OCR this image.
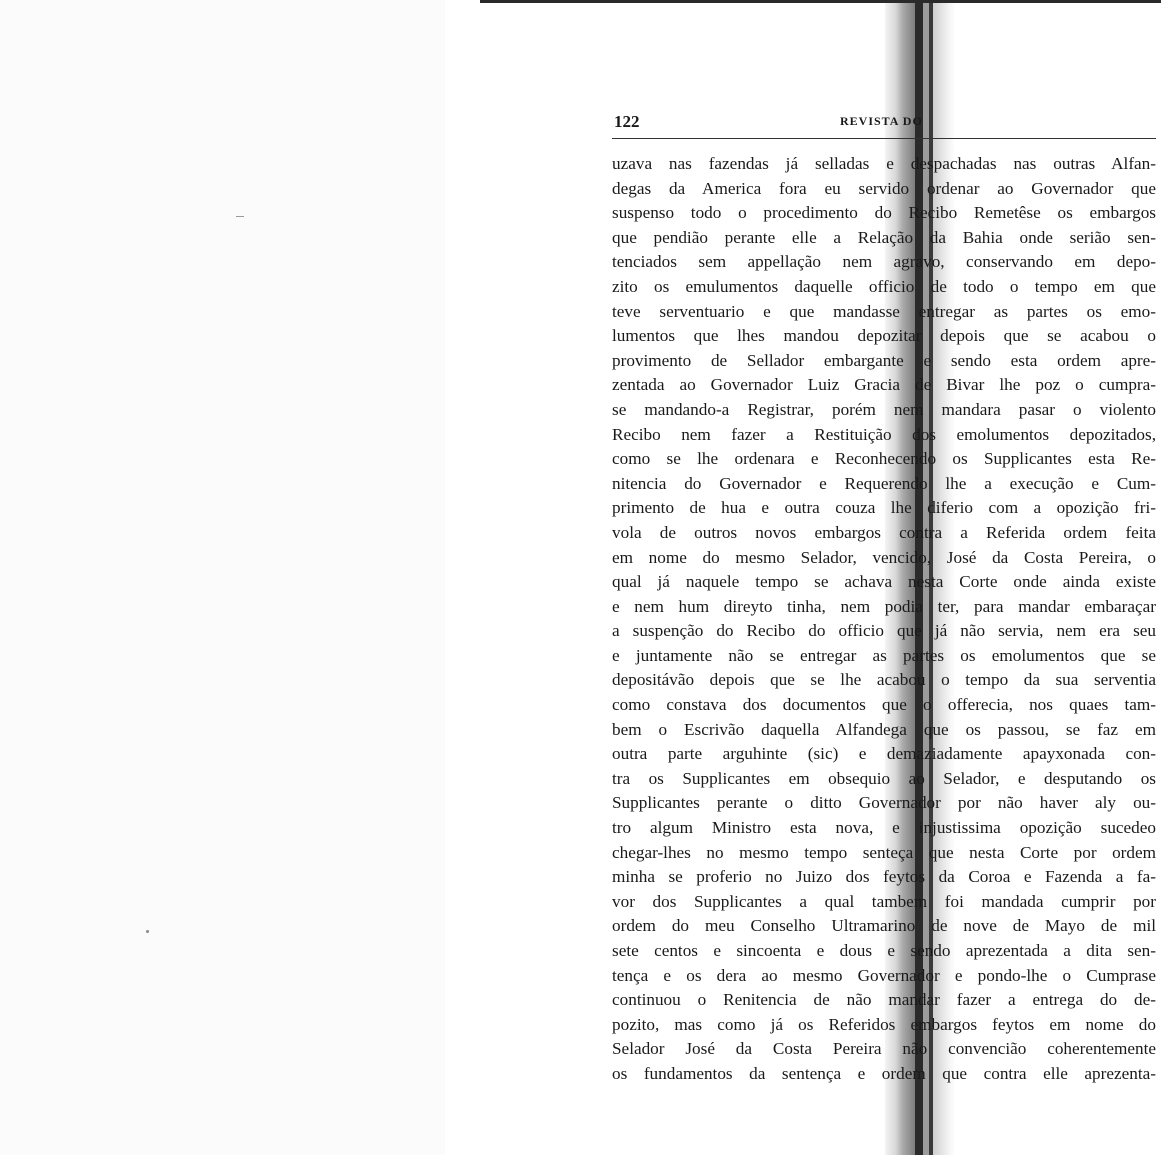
122	REVISTA DO
uzava nas fazendas já selladas e despachadas nas outras Alfan-
degas da America fora eu servido ordenar ao Governador que
suspenso todo o procedimento do Recibo Remetêse os embargos
que pendião perante elle a Relação da Bahia onde serião sen-
tenciados sem appellação nem agravo, conservando em depo-
zito os emulumentos daquelle officio de todo o tempo em que
teve serventuario e que mandasse entregar as partes os emo-
lumentos que lhes mandou depozitar depois que se acabou o
provimento de Sellador embargante e sendo esta ordem apre-
zentada ao Governador Luiz Gracia de Bivar lhe poz o cumpra-
se mandando-a Registrar, porém nem mandara pasar o violento
Recibo nem fazer a Restituição dos emolumentos depozitados,
como se lhe ordenara e Reconhecendo os Supplicantes esta Re-
nitencia do Governador e Requerendo lhe a execução e Cum-
primento de hua e outra couza lhe diferio com a opozição fri-
vola de outros novos embargos contra a Referida ordem feita
em nome do mesmo Selador, vencido, José da Costa Pereira, o
qual já naquele tempo se achava nesta Corte onde ainda existe
e nem hum direyto tinha, nem podia ter, para mandar embaraçar
a suspenção do Recibo do officio que já não servia, nem era seu
e juntamente não se entregar as partes os emolumentos que se
depositávão depois que se lhe acabou o tempo da sua serventia
como constava dos documentos que o offerecia, nos quaes tam-
bem o Escrivão daquella Alfandega que os passou, se faz em
outra parte arguhinte (sic) e demaziadamente apayxonada con-
tra os Supplicantes em obsequio ao Selador, e desputando os
Supplicantes perante o ditto Governador por não haver aly ou-
tro algum Ministro esta nova, e injustissima opozição sucedeo
chegar-lhes no mesmo tempo senteça que nesta Corte por ordem
minha se proferio no Juizo dos feytos da Coroa e Fazenda a fa-
vor dos Supplicantes a qual tambem foi mandada cumprir por
ordem do meu Conselho Ultramarino de nove de Mayo de mil
sete centos e sincoenta e dous e sendo aprezentada a dita sen-
tença e os dera ao mesmo Governador e pondo-lhe o Cumprase
continuou o Renitencia de não mandar fazer a entrega do de-
pozito, mas como já os Referidos embargos feytos em nome do
Selador José da Costa Pereira não convencião coherentemente
os fundamentos da sentença e ordem que contra elle aprezenta-
